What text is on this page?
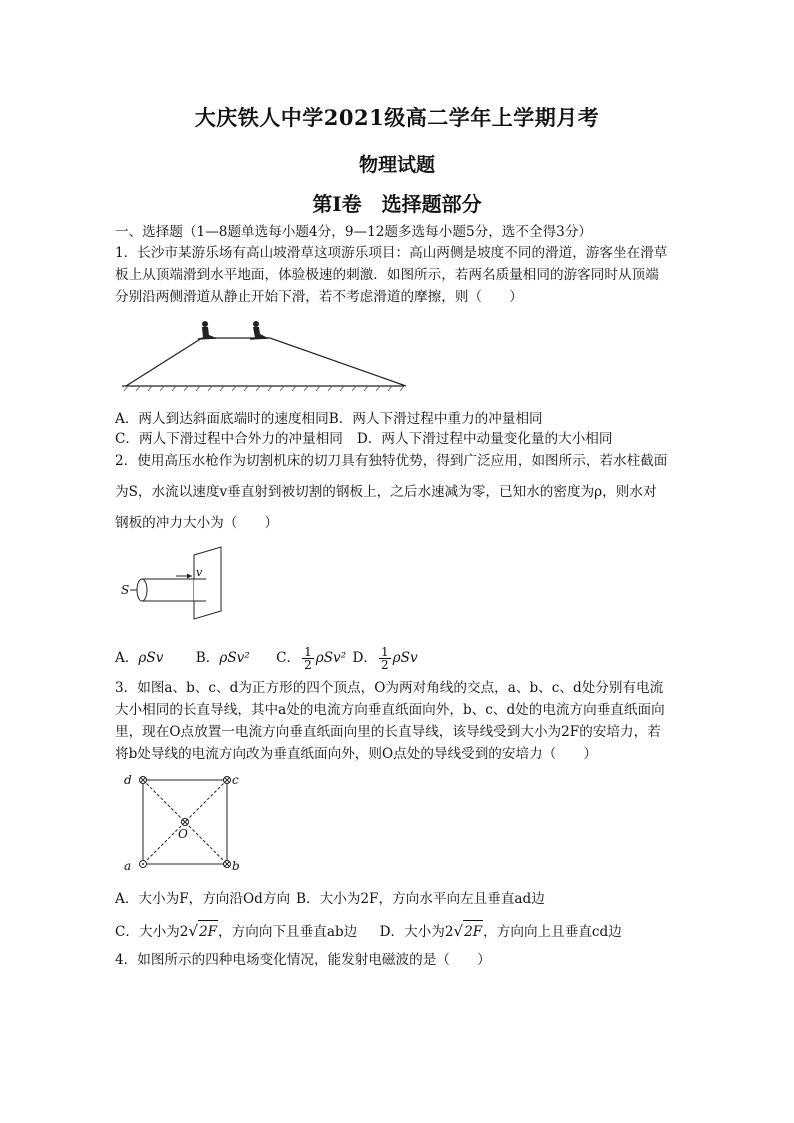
大庆铁人中学2021级高二学年上学期月考
物理试题
第I卷　选择题部分
一、选择题（1—8题单选每小题4分，9—12题多选每小题5分，选不全得3分）
1．长沙市某游乐场有高山坡滑草这项游乐项目：高山两侧是坡度不同的滑道，游客坐在滑草
板上从顶端滑到水平地面，体验极速的刺激．如图所示，若两名质量相同的游客同时从顶端
分别沿两侧滑道从静止开始下滑，若不考虑滑道的摩擦，则（　　）
A．两人到达斜面底端时的速度相同B．两人下滑过程中重力的冲量相同
C．两人下滑过程中合外力的冲量相同 D．两人下滑过程中动量变化量的大小相同
2．使用高压水枪作为切割机床的切刀具有独特优势，得到广泛应用，如图所示，若水柱截面
为S，水流以速度v垂直射到被切割的钢板上，之后水速减为零，已知水的密度为ρ，则水对
钢板的冲力大小为（　　）
S
v
A．ρSv B．ρSv² C． $\frac{1}{2} \rho Sv^2$ D． $\frac{1}{2}$ ρSv
3．如图a、b、c、d为正方形的四个顶点，O为两对角线的交点，a、b、c、d处分别有电流
大小相同的长直导线，其中a处的电流方向垂直纸面向外，b、c、d处的电流方向垂直纸面向
里，现在O点放置一电流方向垂直纸面向里的长直导线，该导线受到大小为2F的安培力，若
将b处导线的电流方向改为垂直纸面向外，则O点处的导线受到的安培力（　　）
d	c
a	b
O
A．大小为F，方向沿Od方向 B．大小为2F，方向水平向左且垂直ad边
C．大小为2√2F，方向向下且垂直ab边 D．大小为2√2F，方向向上且垂直cd边
4．如图所示的四种电场变化情况，能发射电磁波的是（　　）
